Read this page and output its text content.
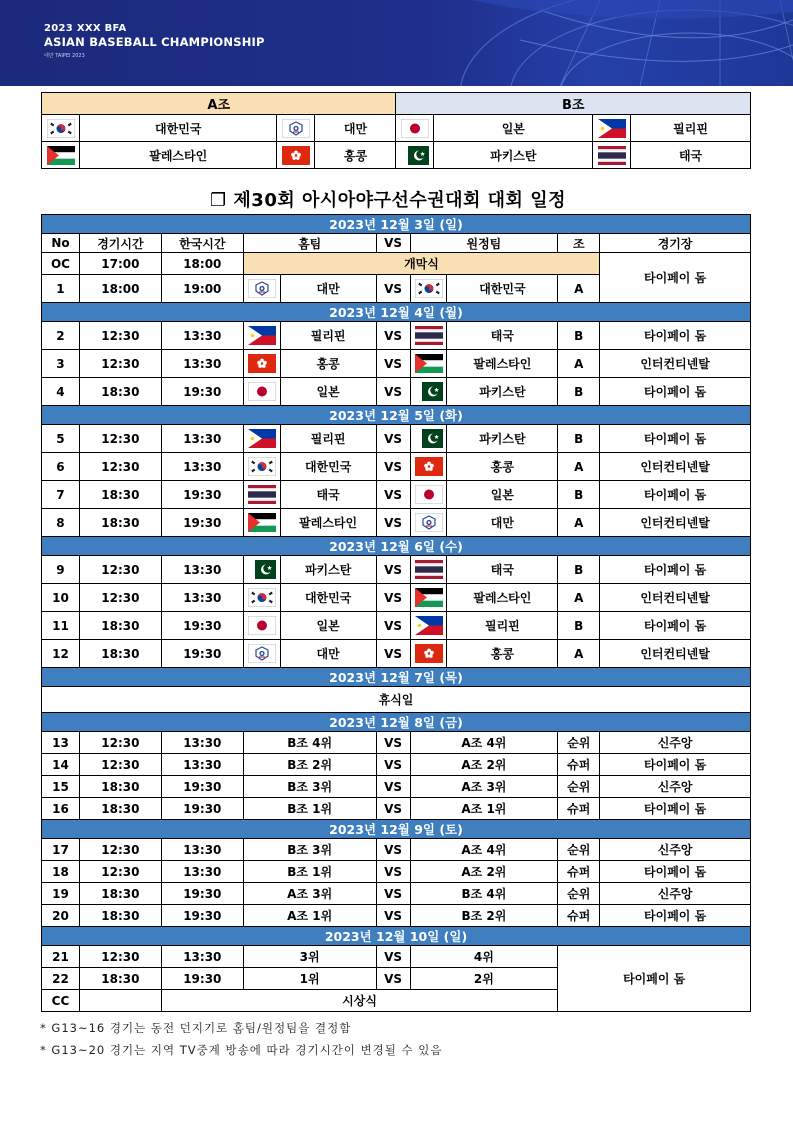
2023 XXX BFA
ASIAN BASEBALL CHAMPIONSHIP
대만 TAIPEI 2023
A조				B조			

	대한민국		대만		일본		필리핀

	팔레스타인		홍콩		파키스탄		태국
❐ 제30회 아시아야구선수권대회 대회 일정
2023년 12월 3일 (일)									
No	경기시간	한국시간	홈팀		VS	원정팀		조	경기장
OC	17:00	18:00	개막식						타이페이 돔
1	18:00	19:00		대만	VS		대한민국	A	
2023년 12월 4일 (월)									
2	12:30	13:30		필리핀	VS		태국	B	타이페이 돔
3	12:30	13:30		홍콩	VS		팔레스타인	A	인터컨티넨탈
4	18:30	19:30		일본	VS		파키스탄	B	타이페이 돔
2023년 12월 5일 (화)									
5	12:30	13:30		필리핀	VS		파키스탄	B	타이페이 돔
6	12:30	13:30		대한민국	VS		홍콩	A	인터컨티넨탈
7	18:30	19:30		태국	VS		일본	B	타이페이 돔
8	18:30	19:30		팔레스타인	VS		대만	A	인터컨티넨탈
2023년 12월 6일 (수)									
9	12:30	13:30		파키스탄	VS		태국	B	타이페이 돔
10	12:30	13:30		대한민국	VS		팔레스타인	A	인터컨티넨탈
11	18:30	19:30		일본	VS		필리핀	B	타이페이 돔
12	18:30	19:30		대만	VS		홍콩	A	인터컨티넨탈
2023년 12월 7일 (목)									
휴식일									
2023년 12월 8일 (금)									
13	12:30	13:30	B조 4위		VS	A조 4위		순위	신주앙
14	12:30	13:30	B조 2위		VS	A조 2위		슈퍼	타이페이 돔
15	18:30	19:30	B조 3위		VS	A조 3위		순위	신주앙
16	18:30	19:30	B조 1위		VS	A조 1위		슈퍼	타이페이 돔
2023년 12월 9일 (토)									
17	12:30	13:30	B조 3위		VS	A조 4위		순위	신주앙
18	12:30	13:30	B조 1위		VS	A조 2위		슈퍼	타이페이 돔
19	18:30	19:30	A조 3위		VS	B조 4위		순위	신주앙
20	18:30	19:30	A조 1위		VS	B조 2위		슈퍼	타이페이 돔
2023년 12월 10일 (일)									
21	12:30	13:30	3위		VS	4위		타이페이 돔	
22	18:30	19:30	1위		VS	2위			
CC		시상식							
* G13~16 경기는 동전 던지기로 홈팀/원정팀을 결정함
* G13~20 경기는 지역 TV중계 방송에 따라 경기시간이 변경될 수 있음
